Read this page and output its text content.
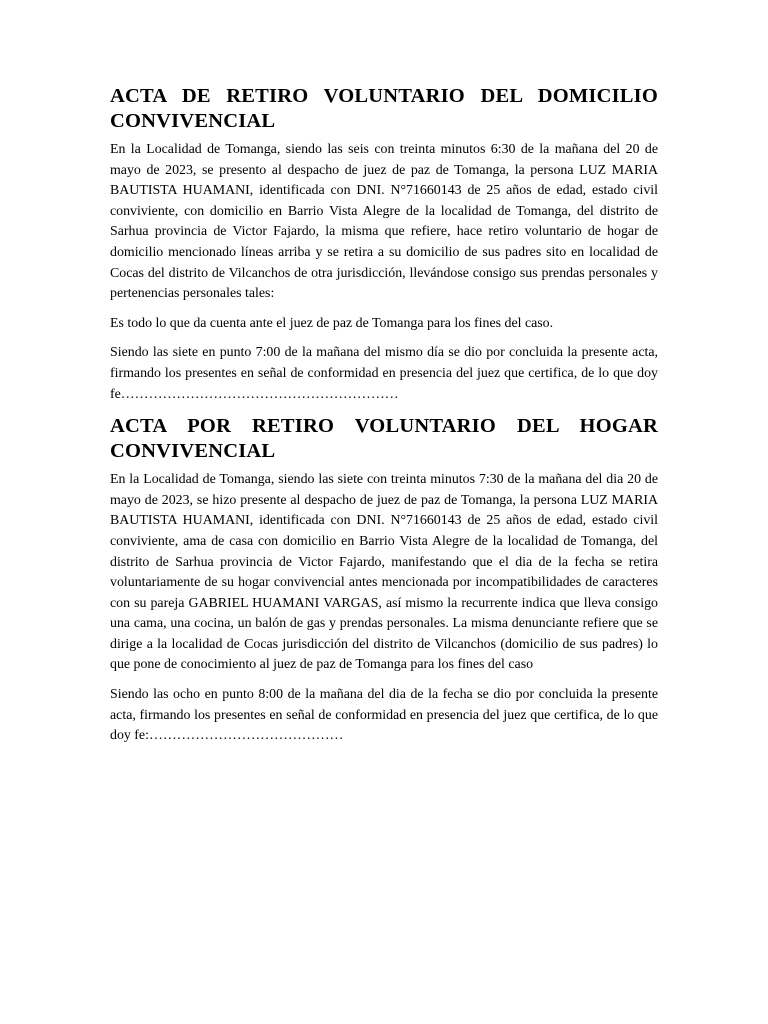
ACTA DE RETIRO VOLUNTARIO DEL DOMICILIO
CONVIVENCIAL

En la Localidad de Tomanga, siendo las seis con treinta minutos 6:30 de la mañana del 20 de mayo de 2023, se presento al despacho de juez de paz de Tomanga, la persona LUZ MARIA BAUTISTA HUAMANI, identificada con DNI. N°71660143 de 25 años de edad, estado civil conviviente, con domicilio en Barrio Vista Alegre de la localidad de Tomanga, del distrito de Sarhua provincia de Victor Fajardo, la misma que refiere, hace retiro voluntario de hogar de domicilio mencionado líneas arriba y se retira a su domicilio de sus padres sito en localidad de Cocas del distrito de Vilcanchos de otra jurisdicción, llevándose consigo sus prendas personales y pertenencias personales tales:

Es todo lo que da cuenta ante el juez de paz de Tomanga para los fines del caso.

Siendo las siete en punto 7:00 de la mañana del mismo día se dio por concluida la presente acta, firmando los presentes en señal de conformidad en presencia del juez que certifica, de lo que doy fe……………………………………………………

ACTA POR RETIRO VOLUNTARIO DEL HOGAR
CONVIVENCIAL

En la Localidad de Tomanga, siendo las siete con treinta minutos 7:30 de la mañana del dia 20 de mayo de 2023, se hizo presente al despacho de juez de paz de Tomanga, la persona LUZ MARIA BAUTISTA HUAMANI, identificada con DNI. N°71660143 de 25 años de edad, estado civil conviviente, ama de casa con domicilio en Barrio Vista Alegre de la localidad de Tomanga, del distrito de Sarhua provincia de Victor Fajardo, manifestando que el dia de la fecha se retira voluntariamente de su hogar convivencial antes mencionada por incompatibilidades de caracteres con su pareja GABRIEL HUAMANI VARGAS, así mismo la recurrente indica que lleva consigo una cama, una cocina, un balón de gas y prendas personales. La misma denunciante refiere que se dirige a la localidad de Cocas jurisdicción del distrito de Vilcanchos (domicilio de sus padres) lo que pone de conocimiento al juez de paz de Tomanga para los fines del caso

Siendo las ocho en punto 8:00 de la mañana del dia de la fecha se dio por concluida la presente acta, firmando los presentes en señal de conformidad en presencia del juez que certifica, de lo que doy fe:……………………………………
